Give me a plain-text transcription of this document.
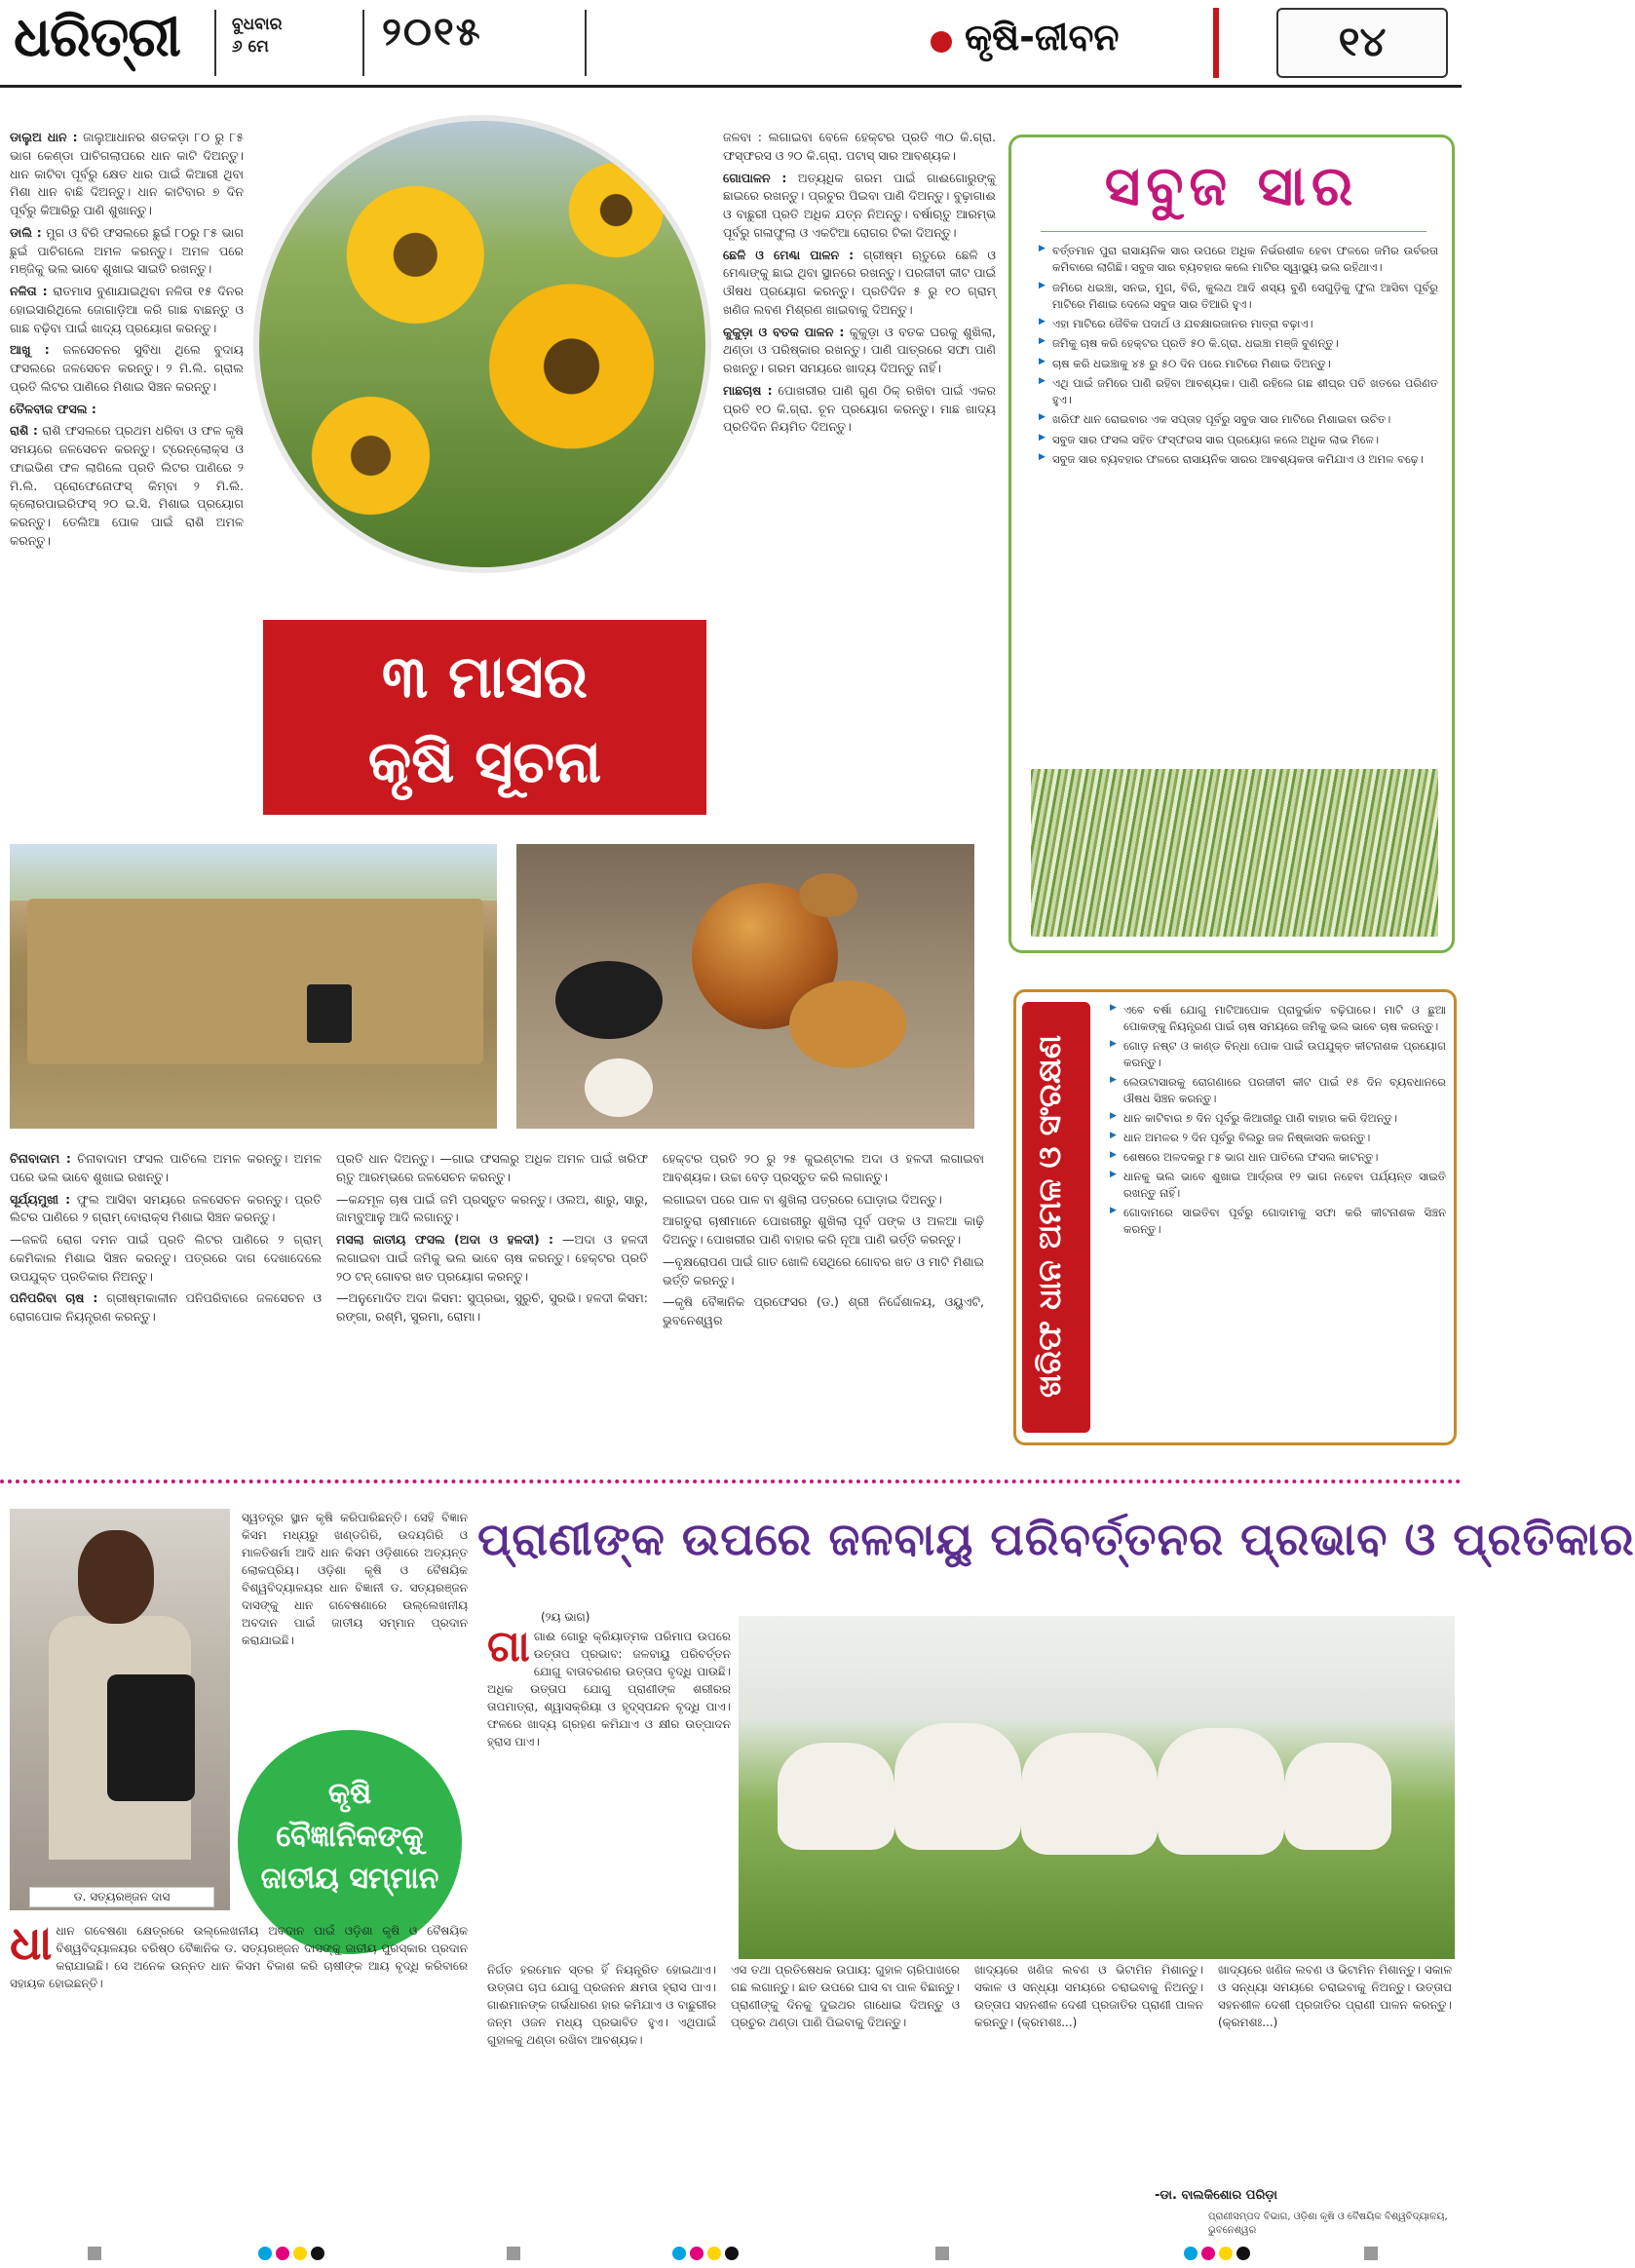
ଧରିତ୍ରୀ	ବୁଧବାର
୬ ମେ	୨୦୧୫	କୃଷି-ଜୀବନ	୧୪

ଡାଲୁଅ ଧାନ : ଜାଲୁଆଧାନର ଶତକଡ଼ା ୮୦ ରୁ ୮୫ ଭାଗ କେଣ୍ଡା ପାଚିଗଲାପରେ ଧାନ କାଟି ଦିଅନ୍ତୁ। ଧାନ କାଟିବା ପୂର୍ବରୁ କ୍ଷେତ ଧାର ପାଇଁ କିଆରୀ ଥିବା ମିଶା ଧାନ ବାଛି ଦିଅନ୍ତୁ। ଧାନ କାଟିବାର ୭ ଦିନ ପୂର୍ବରୁ କିଆରିରୁ ପାଣି ଶୁଖାନ୍ତୁ।

ଡାଲି : ମୁଗ ଓ ବିରି ଫସଲରେ ଛୁଇଁ ୮୦ରୁ ୮୫ ଭାଗ ଛୁଇଁ ପାଚିଗଲେ ଅମଳ କରନ୍ତୁ। ଅମଳ ପରେ ମଞ୍ଜିକୁ ଭଲ ଭାବେ ଶୁଖାଇ ସାଇତି ରଖନ୍ତୁ।

ନଳିତା : ରାତମାସ ବୁଣାଯାଇଥିବା ନଳିତା ୧୫ ଦିନର ହୋଇସାରିଥିଲେ ଜୋଗାଡ଼ିଆ କରି ଗାଛ ବାଛନ୍ତୁ ଓ ଗାଛ ବଢ଼ିବା ପାଇଁ ଖାଦ୍ୟ ପ୍ରୟୋଗ କରନ୍ତୁ।

ଆଖୁ : ଜଳସେଚନର ସୁବିଧା ଥିଲେ ବୁଦାୟ ଫସଲରେ ଜଳସେଚନ କରନ୍ତୁ। ୨ ମି.ଲି. ଗ୍ରାଲ ପ୍ରତି ଲିଟର ପାଣିରେ ମିଶାଇ ସିଞ୍ଚନ କରନ୍ତୁ।

ତୈଳବୀଜ ଫସଲ :

ରାଶି : ରାଶି ଫସଲରେ ପ୍ରଥମ ଧରିବା ଓ ଫଳ କୃଷି ସମୟରେ ଜଳସେଚନ କରନ୍ତୁ। ଟ୍ରେନ୍ଲୋକ୍ସ ଓ ଫାଇଭିଣ ଫଳ ଲାଗିଲେ ପ୍ରତି ଲିଟର ପାଣିରେ ୨ ମି.ଲି. ପ୍ରୋଫେନୋଫସ୍ କିମ୍ବା ୨ ମି.ଲି. କ୍ଲୋରପାଇରିଫସ୍ ୨୦ ଇ.ସି. ମିଶାଇ ପ୍ରୟୋଗ କରନ୍ତୁ। ତେଲିଆ ପୋକ ପାଇଁ ରାଶି ଅମଳ କରନ୍ତୁ।

୩ ମାସର
କୃଷି ସୂଚନା

ଜଳବା : ଲଗାଇବା ବେଳେ ହେକ୍ଟର ପ୍ରତି ୩୦ କି.ଗ୍ରା. ଫସ୍ଫରସ ଓ ୨୦ କି.ଗ୍ରା. ପଟାସ୍ ସାର ଆବଶ୍ୟକ।

ଗୋପାଳନ : ଅତ୍ୟଧିକ ଗରମ ପାଇଁ ଗାଈଗୋରୁଙ୍କୁ ଛାଇରେ ରଖନ୍ତୁ। ପ୍ରଚୁର ପିଇବା ପାଣି ଦିଅନ୍ତୁ। ବୁଢ଼ାଗାଈ ଓ ବାଛୁରୀ ପ୍ରତି ଅଧିକ ଯତ୍ନ ନିଅନ୍ତୁ। ବର୍ଷାଋତୁ ଆରମ୍ଭ ପୂର୍ବରୁ ଗଳାଫୁଲା ଓ ଏକଟିଆ ରୋଗର ଟିକା ଦିଅନ୍ତୁ।

ଛେଳି ଓ ମେଣ୍ଢା ପାଳନ : ଗ୍ରୀଷ୍ମ ଋତୁରେ ଛେଳି ଓ ମେଣ୍ଢାଙ୍କୁ ଛାଇ ଥିବା ସ୍ଥାନରେ ରଖନ୍ତୁ। ପରଜୀବୀ କୀଟ ପାଇଁ ଔଷଧ ପ୍ରୟୋଗ କରନ୍ତୁ। ପ୍ରତିଦିନ ୫ ରୁ ୧୦ ଗ୍ରାମ୍ ଖଣିଜ ଲବଣ ମିଶ୍ରଣ ଖାଇବାକୁ ଦିଅନ୍ତୁ।

କୁକୁଡ଼ା ଓ ବତକ ପାଳନ : କୁକୁଡ଼ା ଓ ବତକ ଘରକୁ ଶୁଖିଲା, ଥଣ୍ଡା ଓ ପରିଷ୍କାର ରଖନ୍ତୁ। ପାଣି ପାତ୍ରରେ ସଫା ପାଣି ରଖନ୍ତୁ। ଗରମ ସମୟରେ ଖାଦ୍ୟ ଦିଅନ୍ତୁ ନାହିଁ।

ମାଛଚାଷ : ପୋଖରୀର ପାଣି ଗୁଣ ଠିକ୍ ରଖିବା ପାଇଁ ଏକର ପ୍ରତି ୧୦ କି.ଗ୍ରା. ଚୂନ ପ୍ରୟୋଗ କରନ୍ତୁ। ମାଛ ଖାଦ୍ୟ ପ୍ରତିଦିନ ନିୟମିତ ଦିଅନ୍ତୁ।

ସବୁଜ ସାର
▶ ବର୍ତ୍ତମାନ ପୁରା ରାସାୟନିକ ସାର ଉପରେ ଅଧିକ ନିର୍ଭରଶୀଳ ହେବା ଫଳରେ ଜମିର ଉର୍ବରତା କମିବାରେ ଲାଗିଛି। ସବୁଜ ସାର ବ୍ୟବହାର କଲେ ମାଟିର ସ୍ୱାସ୍ଥ୍ୟ ଭଲ ରହିଥାଏ।
▶ ଜମିରେ ଧଇଞ୍ଚା, ସନଇ, ମୁଗ, ବିରି, କୁଲଥ ଆଦି ଶସ୍ୟ ବୁଣି ସେଗୁଡ଼ିକୁ ଫୁଲ ଆସିବା ପୂର୍ବରୁ ମାଟିରେ ମିଶାଇ ଦେଲେ ସବୁଜ ସାର ତିଆରି ହୁଏ।
▶ ଏହା ମାଟିରେ ଜୈବିକ ପଦାର୍ଥ ଓ ଯବକ୍ଷାରଜାନର ମାତ୍ରା ବଢ଼ାଏ।
▶ ଜମିକୁ ଚାଷ କରି ହେକ୍ଟର ପ୍ରତି ୫୦ କି.ଗ୍ରା. ଧଇଞ୍ଚା ମଞ୍ଜି ବୁଣନ୍ତୁ।
▶ ଚାଷ କରି ଧଇଞ୍ଚାକୁ ୪୫ ରୁ ୫୦ ଦିନ ପରେ ମାଟିରେ ମିଶାଇ ଦିଅନ୍ତୁ।
▶ ଏଥି ପାଇଁ ଜମିରେ ପାଣି ରହିବା ଆବଶ୍ୟକ। ପାଣି ରହିଲେ ଗଛ ଶୀଘ୍ର ପଚି ଖତରେ ପରିଣତ ହୁଏ।
▶ ଖରିଫ ଧାନ ରୋଇବାର ଏକ ସପ୍ତାହ ପୂର୍ବରୁ ସବୁଜ ସାର ମାଟିରେ ମିଶାଇବା ଉଚିତ।
▶ ସବୁଜ ସାର ଫସଲ ସହିତ ଫସ୍ଫରସ ସାର ପ୍ରୟୋଗ କଲେ ଅଧିକ ଲାଭ ମିଳେ।
▶ ସବୁଜ ସାର ବ୍ୟବହାର ଫଳରେ ରାସାୟନିକ ସାରର ଆବଶ୍ୟକତା କମିଯାଏ ଓ ଅମଳ ବଢ଼େ।
ଖରିଫ ଧାନ ଅମଳ ଓ ସଂରକ୍ଷଣ
▶ ଏବେ ବର୍ଷା ଯୋଗୁ ମାଟିଆପୋକ ପ୍ରାଦୁର୍ଭାବ ବଢ଼ିପାରେ। ମାଟି ଓ ଛୁଆ ପୋକଙ୍କୁ ନିୟନ୍ତ୍ରଣ ପାଇଁ ଚାଷ ସମୟରେ ଜମିକୁ ଭଲ ଭାବେ ଚାଷ କରନ୍ତୁ।
▶ ଗୋଡ଼ ନଷ୍ଟ ଓ କାଣ୍ଡ ବିନ୍ଧା ପୋକ ପାଇଁ ଉପଯୁକ୍ତ କୀଟନାଶକ ପ୍ରୟୋଗ କରନ୍ତୁ।
▶ ଲେଉଟାସାରକୁ ରୋଗଣାରେ ପରଜୀବୀ କୀଟ ପାଇଁ ୧୫ ଦିନ ବ୍ୟବଧାନରେ ଔଷଧ ସିଞ୍ଚନ କରନ୍ତୁ।
▶ ଧାନ କାଟିବାର ୭ ଦିନ ପୂର୍ବରୁ କିଆରୀରୁ ପାଣି ବାହାର କରି ଦିଅନ୍ତୁ।
▶ ଧାନ ଅମଳର ୨ ଦିନ ପୂର୍ବରୁ ବିଲରୁ ଜଳ ନିଷ୍କାସନ କରନ୍ତୁ।
▶ ଶେଷରେ ଅଳଦକରୁ ୮୫ ଭାଗ ଧାନ ପାଚିଲେ ଫସଲ କାଟନ୍ତୁ।
▶ ଧାନକୁ ଭଲ ଭାବେ ଶୁଖାଇ ଆର୍ଦ୍ରତା ୧୨ ଭାଗ ନହେବା ପର୍ଯ୍ୟନ୍ତ ସାଇତି ରଖନ୍ତୁ ନାହିଁ।
▶ ଗୋଦାମରେ ସାଇତିବା ପୂର୍ବରୁ ଗୋଦାମକୁ ସଫା କରି କୀଟନାଶକ ସିଞ୍ଚନ କରନ୍ତୁ।

ଚିନାବାଦାମ : ଚିନାବାଦାମ ଫସଲ ପାଚିଲେ ଅମଳ କରନ୍ତୁ। ଅମଳ ପରେ ଭଲ ଭାବେ ଶୁଖାଇ ରଖନ୍ତୁ।

ସୂର୍ଯ୍ୟମୁଖୀ : ଫୁଲ ଆସିବା ସମୟରେ ଜଳସେଚନ କରନ୍ତୁ। ପ୍ରତି ଲିଟର ପାଣିରେ ୨ ଗ୍ରାମ୍ ବୋରାକ୍ସ ମିଶାଇ ସିଞ୍ଚନ କରନ୍ତୁ।

—ଜଳଜି ରୋଗ ଦମନ ପାଇଁ ପ୍ରତି ଲିଟର ପାଣିରେ ୨ ଗ୍ରାମ୍ କେମିକାଲ ମିଶାଇ ସିଞ୍ଚନ କରନ୍ତୁ। ପତ୍ରରେ ଦାଗ ଦେଖାଦେଲେ ଉପଯୁକ୍ତ ପ୍ରତିକାର ନିଅନ୍ତୁ।

ପନିପରିବା ଚାଷ : ଗ୍ରୀଷ୍ମକାଳୀନ ପନିପରିବାରେ ଜଳସେଚନ ଓ ରୋଗପୋକ ନିୟନ୍ତ୍ରଣ କରନ୍ତୁ।

ପ୍ରତି ଧାନ ଦିଅନ୍ତୁ। —ଗାଇ ଫସଲରୁ ଅଧିକ ଅମଳ ପାଇଁ ଖରିଫ ଋତୁ ଆରମ୍ଭରେ ଜଳସେଚନ କରନ୍ତୁ।

—କନ୍ଦମୂଳ ଚାଷ ପାଇଁ ଜମି ପ୍ରସ୍ତୁତ କରନ୍ତୁ। ଓଲଅ, ଶାରୁ, ସାରୁ, ଜାମ୍ବୁଆଳୁ ଆଦି ଲଗାନ୍ତୁ।

ମସଲା ଜାତୀୟ ଫସଲ (ଅଦା ଓ ହଳଦୀ) : —ଅଦା ଓ ହଳଦୀ ଲଗାଇବା ପାଇଁ ଜମିକୁ ଭଲ ଭାବେ ଚାଷ କରନ୍ତୁ। ହେକ୍ଟର ପ୍ରତି ୨୦ ଟନ୍ ଗୋବର ଖତ ପ୍ରୟୋଗ କରନ୍ତୁ।

—ଅନୁମୋଦିତ ଅଦା କିସମ: ସୁପ୍ରଭା, ସୁରୁଚି, ସୁରଭି। ହଳଦୀ କିସମ: ରଙ୍ଗା, ରଶ୍ମି, ସୁରମା, ରୋମା।

ହେକ୍ଟର ପ୍ରତି ୨୦ ରୁ ୨୫ କୁଇଣ୍ଟାଲ ଅଦା ଓ ହଳଦୀ ଲଗାଇବା ଆବଶ୍ୟକ। ଉଚ୍ଚା ବେଡ଼ ପ୍ରସ୍ତୁତ କରି ଲଗାନ୍ତୁ।

ଲଗାଇବା ପରେ ପାଳ ବା ଶୁଖିଲା ପତ୍ରରେ ଘୋଡ଼ାଇ ଦିଅନ୍ତୁ।

ଆଗତୁରା ଚାଷୀମାନେ ପୋଖରୀରୁ ଶୁଖିଲା ପୂର୍ବ ପଙ୍କ ଓ ଅଳଆ କାଢ଼ି ଦିଅନ୍ତୁ। ପୋଖରୀର ପାଣି ବାହାର କରି ନୂଆ ପାଣି ଭର୍ତ୍ତି କରନ୍ତୁ।

—ବୃକ୍ଷରୋପଣ ପାଇଁ ଗାତ ଖୋଳି ସେଥିରେ ଗୋବର ଖତ ଓ ମାଟି ମିଶାଇ ଭର୍ତ୍ତି କରନ୍ତୁ।

—କୃଷି ବୈଜ୍ଞାନିକ ପ୍ରଫେସର (ଡ.) ଶ୍ରୀ ନିର୍ଦ୍ଦେଶାଳୟ, ଓୟୁଏଟି, ଭୁବନେଶ୍ୱର

ଡ. ସତ୍ୟରଞ୍ଜନ ଦାସ
ସ୍ୱତନ୍ତ୍ର ସ୍ଥାନ କୃଷି କରିପାରିଛନ୍ତି। ସେହି ବିଜ୍ଞାନ କିସମ ମଧ୍ୟରୁ ଖଣ୍ଡଗିରି, ଉଦୟଗିରି ଓ ମାଳତିଶର୍ମା ଆଦି ଧାନ କିସମ ଓଡ଼ିଶାରେ ଅତ୍ୟନ୍ତ ଲୋକପ୍ରିୟ। ଓଡ଼ିଶା କୃଷି ଓ ବୈଷୟିକ ବିଶ୍ୱବିଦ୍ୟାଳୟର ଧାନ ବିଜ୍ଞାନୀ ଡ. ସତ୍ୟରଞ୍ଜନ ଦାସଙ୍କୁ ଧାନ ଗବେଷଣାରେ ଉଲ୍ଲେଖନୀୟ ଅବଦାନ ପାଇଁ ଜାତୀୟ ସମ୍ମାନ ପ୍ରଦାନ କରାଯାଇଛି।
କୃଷି
ବୈଜ୍ଞାନିକଙ୍କୁ
ଜାତୀୟ ସମ୍ମାନ
ଧା ଧାନ ଗବେଷଣା କ୍ଷେତ୍ରରେ ଉଲ୍ଲେଖନୀୟ ଅବଦାନ ପାଇଁ ଓଡ଼ିଶା କୃଷି ଓ ବୈଷୟିକ ବିଶ୍ୱବିଦ୍ୟାଳୟର ବରିଷ୍ଠ ବୈଜ୍ଞାନିକ ଡ. ସତ୍ୟରଞ୍ଜନ ଦାସଙ୍କୁ ଜାତୀୟ ପୁରସ୍କାର ପ୍ରଦାନ କରାଯାଇଛି। ସେ ଅନେକ ଉନ୍ନତ ଧାନ କିସମ ବିକାଶ କରି ଚାଷୀଙ୍କ ଆୟ ବୃଦ୍ଧି କରିବାରେ ସହାୟକ ହୋଇଛନ୍ତି।
ପ୍ରାଣୀଙ୍କ ଉପରେ ଜଳବାୟୁ ପରିବର୍ତ୍ତନର ପ୍ରଭାବ ଓ ପ୍ରତିକାର
(୨ୟ ଭାଗ)
ଗା ଗାଈ ଗୋରୁ କ୍ରିୟାତ୍ମକ ପରିମାପ ଉପରେ ଉତ୍ତାପ ପ୍ରଭାବ: ଜଳବାୟୁ ପରିବର୍ତ୍ତନ ଯୋଗୁ ବାତାବରଣର ଉତ୍ତାପ ବୃଦ୍ଧି ପାଉଛି। ଅଧିକ ଉତ୍ତାପ ଯୋଗୁ ପ୍ରାଣୀଙ୍କ ଶରୀରର ତାପମାତ୍ରା, ଶ୍ୱାସକ୍ରିୟା ଓ ହୃଦ୍‌ସ୍ପନ୍ଦନ ବୃଦ୍ଧି ପାଏ। ଫଳରେ ଖାଦ୍ୟ ଗ୍ରହଣ କମିଯାଏ ଓ କ୍ଷୀର ଉତ୍ପାଦନ ହ୍ରାସ ପାଏ।
ନିର୍ଗତ ହରମୋନ ସ୍ତର ହିଁ ନିୟନ୍ତ୍ରିତ ହୋଇଥାଏ। ଉତ୍ତାପ ଚାପ ଯୋଗୁ ପ୍ରଜନନ କ୍ଷମତା ହ୍ରାସ ପାଏ। ଗାଈମାନଙ୍କ ଗର୍ଭଧାରଣ ହାର କମିଯାଏ ଓ ବାଛୁରୀର ଜନ୍ମ ଓଜନ ମଧ୍ୟ ପ୍ରଭାବିତ ହୁଏ। ଏଥିପାଇଁ ଗୁହାଳକୁ ଥଣ୍ଡା ରଖିବା ଆବଶ୍ୟକ।
ଏସ ତଥା ପ୍ରତିଷେଧକ ଉପାୟ: ଗୁହାଳ ଚାରିପାଖରେ ଗଛ ଲଗାନ୍ତୁ। ଛାତ ଉପରେ ଘାସ ବା ପାଳ ବିଛାନ୍ତୁ। ପ୍ରାଣୀଙ୍କୁ ଦିନକୁ ଦୁଇଥର ଗାଧୋଇ ଦିଅନ୍ତୁ ଓ ପ୍ରଚୁର ଥଣ୍ଡା ପାଣି ପିଇବାକୁ ଦିଅନ୍ତୁ।
ଖାଦ୍ୟରେ ଖଣିଜ ଲବଣ ଓ ଭିଟାମିନ ମିଶାନ୍ତୁ। ସକାଳ ଓ ସନ୍ଧ୍ୟା ସମୟରେ ଚରାଇବାକୁ ନିଅନ୍ତୁ। ଉତ୍ତାପ ସହନଶୀଳ ଦେଶୀ ପ୍ରଜାତିର ପ୍ରାଣୀ ପାଳନ କରନ୍ତୁ। (କ୍ରମଶଃ...)
ଖାଦ୍ୟରେ ଖଣିଜ ଲବଣ ଓ ଭିଟାମିନ ମିଶାନ୍ତୁ। ସକାଳ ଓ ସନ୍ଧ୍ୟା ସମୟରେ ଚରାଇବାକୁ ନିଅନ୍ତୁ। ଉତ୍ତାପ ସହନଶୀଳ ଦେଶୀ ପ୍ରଜାତିର ପ୍ରାଣୀ ପାଳନ କରନ୍ତୁ। (କ୍ରମଶଃ...)
-ଡା. ବାଲକିଶୋର ପରିଡ଼ା
ପ୍ରାଣୀସମ୍ପଦ ବିଭାଗ, ଓଡ଼ିଶା କୃଷି ଓ ବୈଷୟିକ ବିଶ୍ୱବିଦ୍ୟାଳୟ, ଭୁବନେଶ୍ୱର
